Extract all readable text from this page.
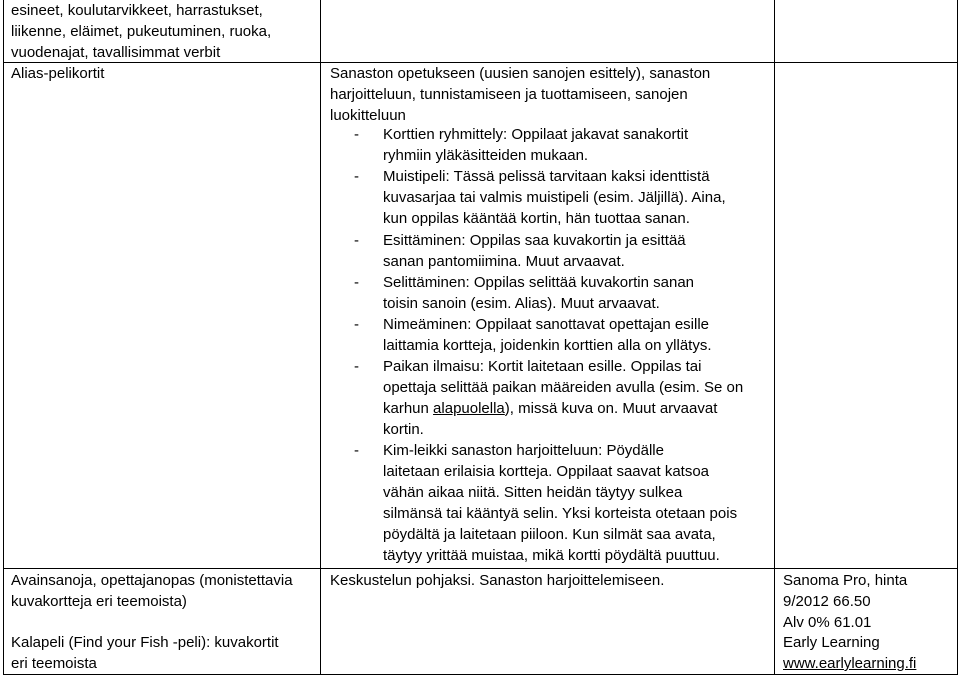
esineet, koulutarvikkeet, harrastukset,
liikenne, eläimet, pukeutuminen, ruoka,
vuodenajat, tavallisimmat verbit
Alias-pelikortit
Avainsanoja, opettajanopas (monistettavia
kuvakortteja eri teemoista)
Kalapeli (Find your Fish -peli): kuvakortit
eri teemoista
Sanaston opetukseen (uusien sanojen esittely), sanaston
harjoitteluun, tunnistamiseen ja tuottamiseen, sanojen
luokitteluun
- Korttien ryhmittely: Oppilaat jakavat sanakortit
ryhmiin yläkäsitteiden mukaan.
- Muistipeli: Tässä pelissä tarvitaan kaksi identtistä
kuvasarjaa tai valmis muistipeli (esim. Jäljillä). Aina,
kun oppilas kääntää kortin, hän tuottaa sanan.
- Esittäminen: Oppilas saa kuvakortin ja esittää
sanan pantomiimina. Muut arvaavat.
- Selittäminen: Oppilas selittää kuvakortin sanan
toisin sanoin (esim. Alias). Muut arvaavat.
- Nimeäminen: Oppilaat sanottavat opettajan esille
laittamia kortteja, joidenkin korttien alla on yllätys.
- Paikan ilmaisu: Kortit laitetaan esille. Oppilas tai
opettaja selittää paikan määreiden avulla (esim. Se on
karhun alapuolella), missä kuva on. Muut arvaavat
kortin.
- Kim-leikki sanaston harjoitteluun: Pöydälle
laitetaan erilaisia kortteja. Oppilaat saavat katsoa
vähän aikaa niitä. Sitten heidän täytyy sulkea
silmänsä tai kääntyä selin. Yksi korteista otetaan pois
pöydältä ja laitetaan piiloon. Kun silmät saa avata,
täytyy yrittää muistaa, mikä kortti pöydältä puuttuu.
Keskustelun pohjaksi. Sanaston harjoittelemiseen.	Sanoma Pro, hinta
9/2012 66.50
Alv 0% 61.01
Early Learning
www.earlylearning.fi
